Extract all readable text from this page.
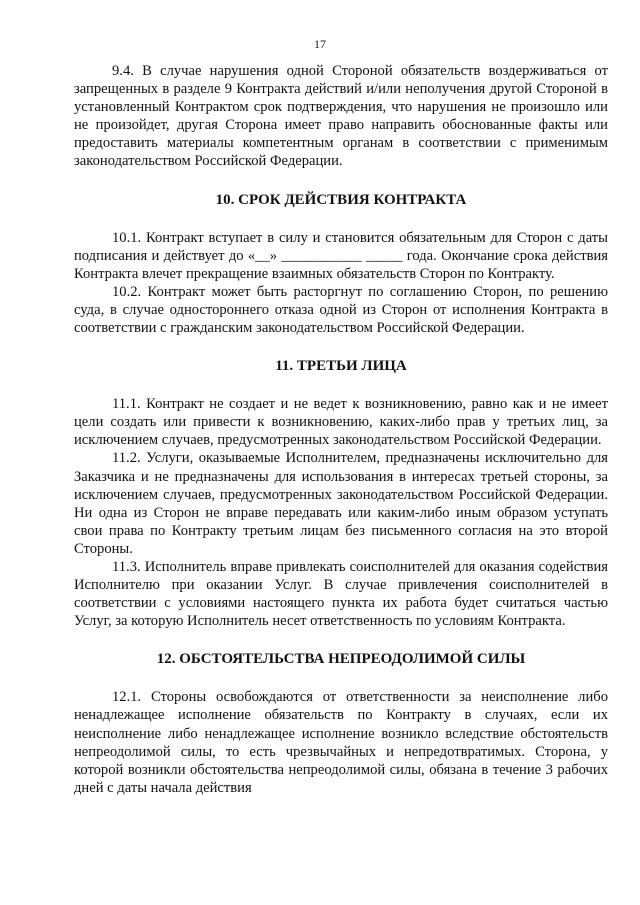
17

9.4. В случае нарушения одной Стороной обязательств воздерживаться от запрещенных в разделе 9 Контракта действий и/или неполучения другой Стороной в установленный Контрактом срок подтверждения, что нарушения не произошло или не произойдет, другая Сторона имеет право направить обоснованные факты или предоставить материалы компетентным органам в соответствии с применимым законодательством Российской Федерации.

10. СРОК ДЕЙСТВИЯ КОНТРАКТА

10.1. Контракт вступает в силу и становится обязательным для Сторон с даты подписания и действует до «__» ___________ _____ года. Окончание срока действия Контракта влечет прекращение взаимных обязательств Сторон по Контракту.

10.2. Контракт может быть расторгнут по соглашению Сторон, по решению суда, в случае одностороннего отказа одной из Сторон от исполнения Контракта в соответствии с гражданским законодательством Российской Федерации.

11. ТРЕТЬИ ЛИЦА

11.1. Контракт не создает и не ведет к возникновению, равно как и не имеет цели создать или привести к возникновению, каких-либо прав у третьих лиц, за исключением случаев, предусмотренных законодательством Российской Федерации.

11.2. Услуги, оказываемые Исполнителем, предназначены исключительно для Заказчика и не предназначены для использования в интересах третьей стороны, за исключением случаев, предусмотренных законодательством Российской Федерации. Ни одна из Сторон не вправе передавать или каким-либо иным образом уступать свои права по Контракту третьим лицам без письменного согласия на это второй Стороны.

11.3. Исполнитель вправе привлекать соисполнителей для оказания содействия Исполнителю при оказании Услуг. В случае привлечения соисполнителей в соответствии с условиями настоящего пункта их работа будет считаться частью Услуг, за которую Исполнитель несет ответственность по условиям Контракта.

12. ОБСТОЯТЕЛЬСТВА НЕПРЕОДОЛИМОЙ СИЛЫ

12.1. Стороны освобождаются от ответственности за неисполнение либо ненадлежащее исполнение обязательств по Контракту в случаях, если их неисполнение либо ненадлежащее исполнение возникло вследствие обстоятельств непреодолимой силы, то есть чрезвычайных и непредотвратимых. Сторона, у которой возникли обстоятельства непреодолимой силы, обязана в течение 3 рабочих дней с даты начала действия
